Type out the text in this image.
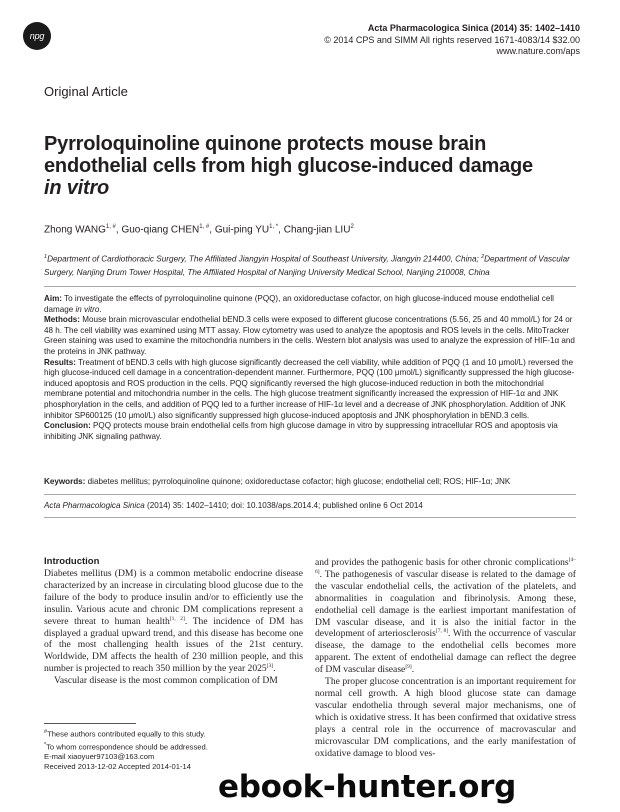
npg
Acta Pharmacologica Sinica (2014) 35: 1402–1410
© 2014 CPS and SIMM All rights reserved 1671-4083/14 $32.00
www.nature.com/aps
Original Article
Pyrroloquinoline quinone protects mouse brain endothelial cells from high glucose-induced damage
in vitro
Zhong $WANG^{1, \#}$, Guo-qiang $CHEN^{1, \#}$, Gui-ping $YU^{1, *}$, Chang-jian LIU$^2$
$^1$Department of Cardiothoracic Surgery, The Affiliated Jiangyin Hospital of Southeast University, Jiangyin 214400, China; $^2$Department of Vascular Surgery, Nanjing Drum Tower Hospital, The Affiliated Hospital of Nanjing University Medical School, Nanjing 210008, China

Aim: To investigate the effects of pyrroloquinoline quinone (PQQ), an oxidoreductase cofactor, on high glucose-induced mouse endothelial cell damage in vitro.

Methods: Mouse brain microvascular endothelial bEND.3 cells were exposed to different glucose concentrations (5.56, 25 and 40 mmol/L) for 24 or 48 h. The cell viability was examined using MTT assay. Flow cytometry was used to analyze the apoptosis and ROS levels in the cells. MitoTracker Green staining was used to examine the mitochondria numbers in the cells. Western blot analysis was used to analyze the expression of HIF-1α and the proteins in JNK pathway.

Results: Treatment of bEND.3 cells with high glucose significantly decreased the cell viability, while addition of PQQ (1 and 10 μmol/L) reversed the high glucose-induced cell damage in a concentration-dependent manner. Furthermore, PQQ (100 μmol/L) significantly suppressed the high glucose-induced apoptosis and ROS production in the cells. PQQ significantly reversed the high glucose-induced reduction in both the mitochondrial membrane potential and mitochondria number in the cells. The high glucose treatment significantly increased the expression of HIF-1α and JNK phosphorylation in the cells, and addition of PQQ led to a further increase of HIF-1α level and a decrease of JNK phosphorylation. Addition of JNK inhibitor SP600125 (10 μmol/L) also significantly suppressed high glucose-induced apoptosis and JNK phosphorylation in bEND.3 cells.

Conclusion: PQQ protects mouse brain endothelial cells from high glucose damage in vitro by suppressing intracellular ROS and apoptosis via inhibiting JNK signaling pathway.

Keywords: diabetes mellitus; pyrroloquinoline quinone; oxidoreductase cofactor; high glucose; endothelial cell; ROS; HIF-1α; JNK
Acta Pharmacologica Sinica (2014) 35: 1402–1410; doi: 10.1038/aps.2014.4; published online 6 Oct 2014
Introduction

Diabetes mellitus (DM) is a common metabolic endocrine disease characterized by an increase in circulating blood glucose due to the failure of the body to produce insulin and/or to efficiently use the insulin. Various acute and chronic DM complications represent a severe threat to human health[1, 2]. The incidence of DM has displayed a gradual upward trend, and this disease has become one of the most challenging health issues of the 21st century. Worldwide, DM affects the health of 230 million people, and this number is projected to reach 350 million by the year 2025[3].

Vascular disease is the most common complication of DM

and provides the pathogenic basis for other chronic complications[4–6]. The pathogenesis of vascular disease is related to the damage of the vascular endothelial cells, the activation of the platelets, and abnormalities in coagulation and fibrinolysis. Among these, endothelial cell damage is the earliest important manifestation of DM vascular disease, and it is also the initial factor in the development of arteriosclerosis[7, 8]. With the occurrence of vascular disease, the damage to the endothelial cells becomes more apparent. The extent of endothelial damage can reflect the degree of DM vascular disease[9].

The proper glucose concentration is an important requirement for normal cell growth. A high blood glucose state can damage vascular endothelia through several major mechanisms, one of which is oxidative stress. It has been confirmed that oxidative stress plays a central role in the occurrence of macrovascular and microvascular DM complications, and the early manifestation of oxidative damage to blood ves-

#These authors contributed equally to this study.
*To whom correspondence should be addressed.
E-mail xiaoyuer97103@163.com
Received 2013-12-02 Accepted 2014-01-14
ebook-hunter.org
